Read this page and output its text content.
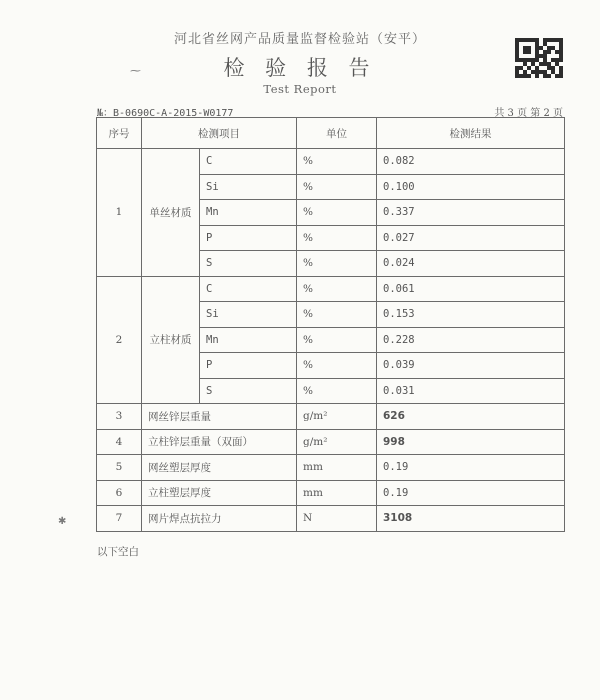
河北省丝网产品质量监督检验站（安平）
检 验 报 告
Test Report
⁓
✱
№：B-0690C-A-2015-W0177	共 3 页 第 2 页
序号	检测项目		单位	检测结果
1	单丝材质	C	%	0.082
		Si	%	0.100
		Mn	%	0.337
		P	%	0.027
		S	%	0.024
2	立柱材质	C	%	0.061
		Si	%	0.153
		Mn	%	0.228
		P	%	0.039
		S	%	0.031
3	网丝锌层重量		g/m²	626
4	立柱锌层重量（双面）		g/m²	998
5	网丝塑层厚度		mm	0.19
6	立柱塑层厚度		mm	0.19
7	网片焊点抗拉力		N	3108
以下空白
